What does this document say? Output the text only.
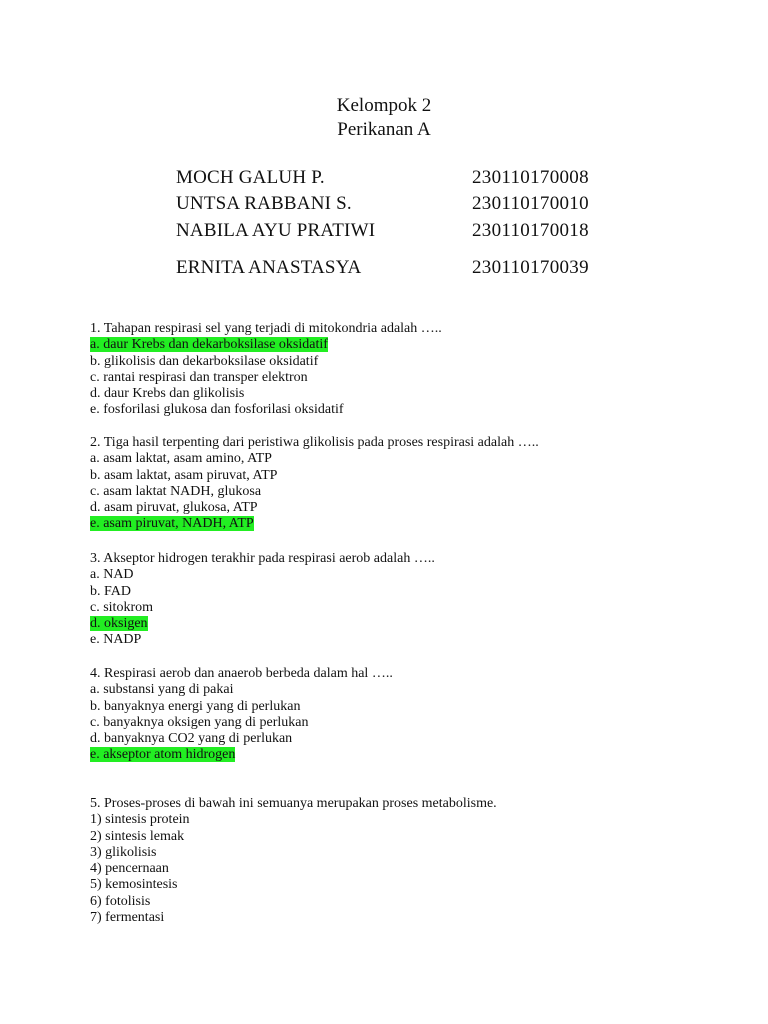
Kelompok 2
Perikanan A
MOCH GALUH P.	230110170008
UNTSA RABBANI S.	230110170010
NABILA AYU PRATIWI	230110170018
ERNITA ANASTASYA	230110170039
1. Tahapan respirasi sel yang terjadi di mitokondria adalah …..
a. daur Krebs dan dekarboksilase oksidatif
b. glikolisis dan dekarboksilase oksidatif
c. rantai respirasi dan transper elektron
d. daur Krebs dan glikolisis
e. fosforilasi glukosa dan fosforilasi oksidatif
2. Tiga hasil terpenting dari peristiwa glikolisis pada proses respirasi adalah …..
a. asam laktat, asam amino, ATP
b. asam laktat, asam piruvat, ATP
c. asam laktat NADH, glukosa
d. asam piruvat, glukosa, ATP
e. asam piruvat, NADH, ATP
3. Akseptor hidrogen terakhir pada respirasi aerob adalah …..
a. NAD
b. FAD
c. sitokrom
d. oksigen
e. NADP
4. Respirasi aerob dan anaerob berbeda dalam hal …..
a. substansi yang di pakai
b. banyaknya energi yang di perlukan
c. banyaknya oksigen yang di perlukan
d. banyaknya CO2 yang di perlukan
e. akseptor atom hidrogen
5. Proses-proses di bawah ini semuanya merupakan proses metabolisme.
1) sintesis protein
2) sintesis lemak
3) glikolisis
4) pencernaan
5) kemosintesis
6) fotolisis
7) fermentasi
